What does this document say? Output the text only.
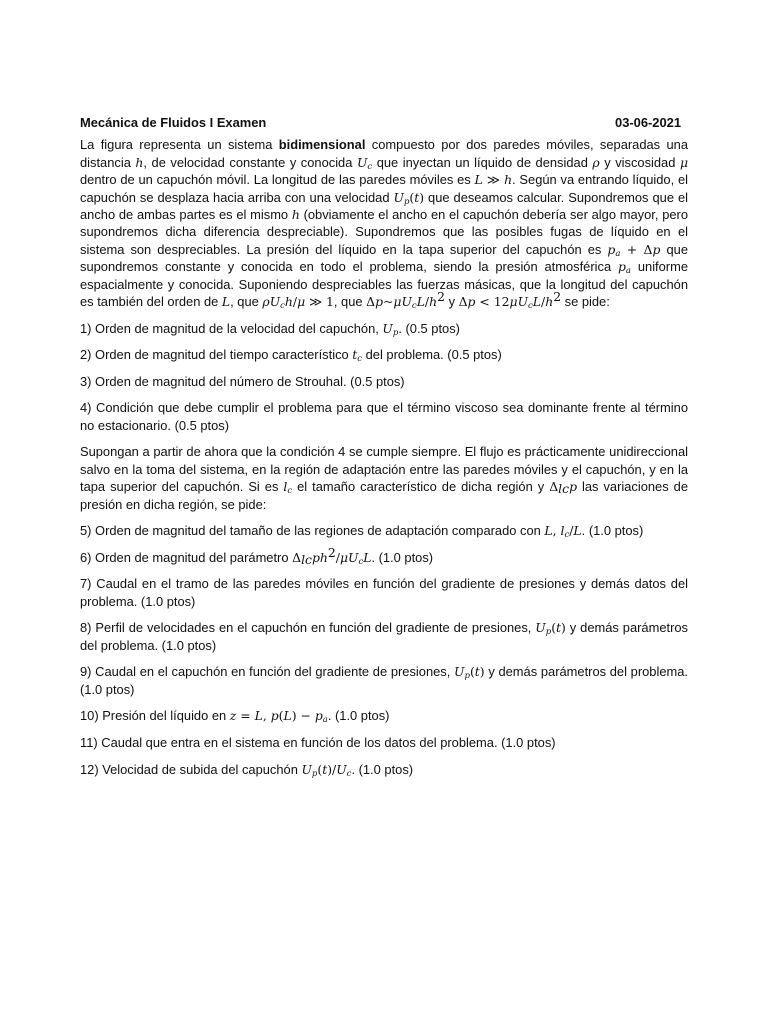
Mecánica de Fluidos I Examen	03-06-2021

La figura representa un sistema bidimensional compuesto por dos paredes móviles, separadas una distancia h, de velocidad constante y conocida $U_c$ que inyectan un líquido de densidad ρ y viscosidad μ dentro de un capuchón móvil. La longitud de las paredes móviles es L ≫ h. Según va entrando líquido, el capuchón se desplaza hacia arriba con una velocidad $U_p(t)$ que deseamos calcular. Supondremos que el ancho de ambas partes es el mismo h (obviamente el ancho en el capuchón debería ser algo mayor, pero supondremos dicha diferencia despreciable). Supondremos que las posibles fugas de líquido en el sistema son despreciables. La presión del líquido en la tapa superior del capuchón es $p_a + \Delta p$ que supondremos constante y conocida en todo el problema, siendo la presión atmosférica $p_a$ uniforme espacialmente y conocida. Suponiendo despreciables las fuerzas másicas, que la longitud del capuchón es también del orden de L, que $\rho U_ch/\mu$ ≫ 1, que $\Delta p\sim\mu U_cL/h^2$ y $\Delta p < 12\mu U_cL/h^2$ se pide:

1) Orden de magnitud de la velocidad del capuchón, $U_p$. (0.5 ptos)

2) Orden de magnitud del tiempo característico $t_c$ del problema. (0.5 ptos)

3) Orden de magnitud del número de Strouhal. (0.5 ptos)

4) Condición que debe cumplir el problema para que el término viscoso sea dominante frente al término no estacionario. (0.5 ptos)

Supongan a partir de ahora que la condición 4 se cumple siempre. El flujo es prácticamente unidireccional salvo en la toma del sistema, en la región de adaptación entre las paredes móviles y el capuchón, y en la tapa superior del capuchón. Si es $l_c$ el tamaño característico de dicha región y $\Delta_{lc}p$ las variaciones de presión en dicha región, se pide:

5) Orden de magnitud del tamaño de las regiones de adaptación comparado con L, $l_c/L$. (1.0 ptos)

6) Orden de magnitud del parámetro $\Delta_{lc}ph^2/\mu U_cL$. (1.0 ptos)

7) Caudal en el tramo de las paredes móviles en función del gradiente de presiones y demás datos del problema. (1.0 ptos)

8) Perfil de velocidades en el capuchón en función del gradiente de presiones, $U_p(t)$ y demás parámetros del problema. (1.0 ptos)

9) Caudal en el capuchón en función del gradiente de presiones, $U_p(t)$ y demás parámetros del problema. (1.0 ptos)

10) Presión del líquido en z = L, $p(L) - p_a$. (1.0 ptos)

11) Caudal que entra en el sistema en función de los datos del problema. (1.0 ptos)

12) Velocidad de subida del capuchón $U_p(t)/U_c$. (1.0 ptos)
